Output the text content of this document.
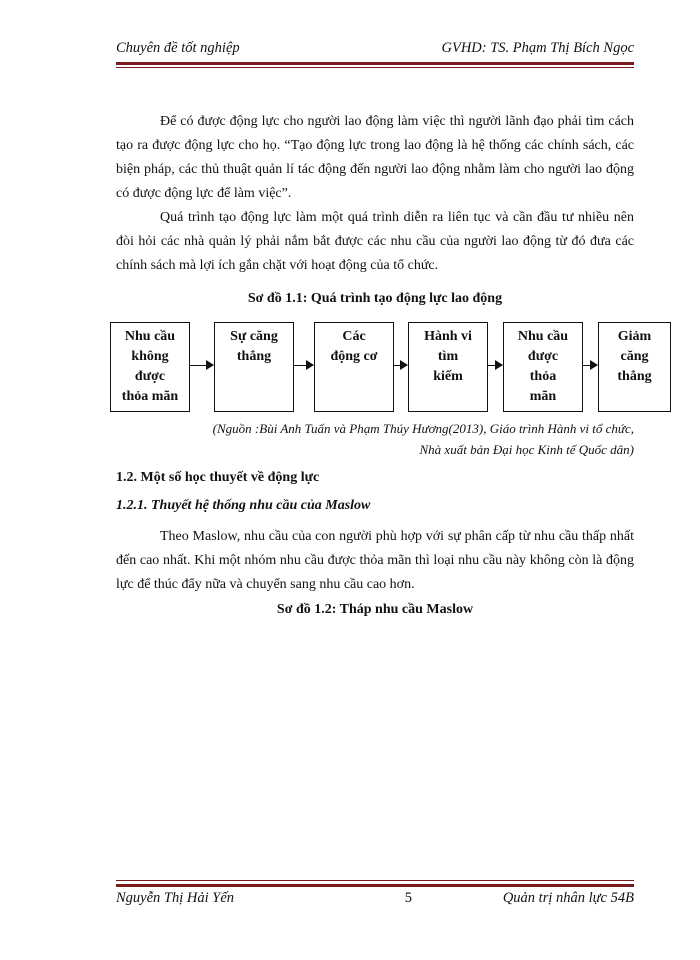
Chuyên đề tốt nghiệp	GVHD: TS. Phạm Thị Bích Ngọc

Để có được động lực cho người lao động làm việc thì người lãnh đạo phải tìm cách tạo ra được động lực cho họ. “Tạo động lực trong lao động là hệ thống các chính sách, các biện pháp, các thủ thuật quản lí tác động đến người lao động nhằm làm cho người lao động có được động lực để làm việc”.

Quá trình tạo động lực làm một quá trình diễn ra liên tục và cần đầu tư nhiều nên đòi hỏi các nhà quản lý phải nắm bắt được các nhu cầu của người lao động từ đó đưa các chính sách mà lợi ích gắn chặt với hoạt động của tổ chức.

Sơ đồ 1.1: Quá trình tạo động lực lao động
Nhu cầu
không
được
thỏa mãn
Sự căng
thẳng
Các
động cơ
Hành vi
tìm
kiếm
Nhu cầu
được
thỏa
mãn
Giảm
căng
thẳng
(Nguồn :Bùi Anh Tuấn và Phạm Thúy Hương(2013), Giáo trình Hành vi tổ chức,
Nhà xuất bản Đại học Kinh tế Quốc dân)
1.2. Một số học thuyết về động lực
1.2.1. Thuyết hệ thống nhu cầu của Maslow

Theo Maslow, nhu cầu của con người phù hợp với sự phân cấp từ nhu cầu thấp nhất đến cao nhất. Khi một nhóm nhu cầu được thỏa mãn thì loại nhu cầu này không còn là động lực để thúc đẩy nữa và chuyển sang nhu cầu cao hơn.

Sơ đồ 1.2: Tháp nhu cầu Maslow
Nguyễn Thị Hải Yến	5	Quản trị nhân lực 54B
